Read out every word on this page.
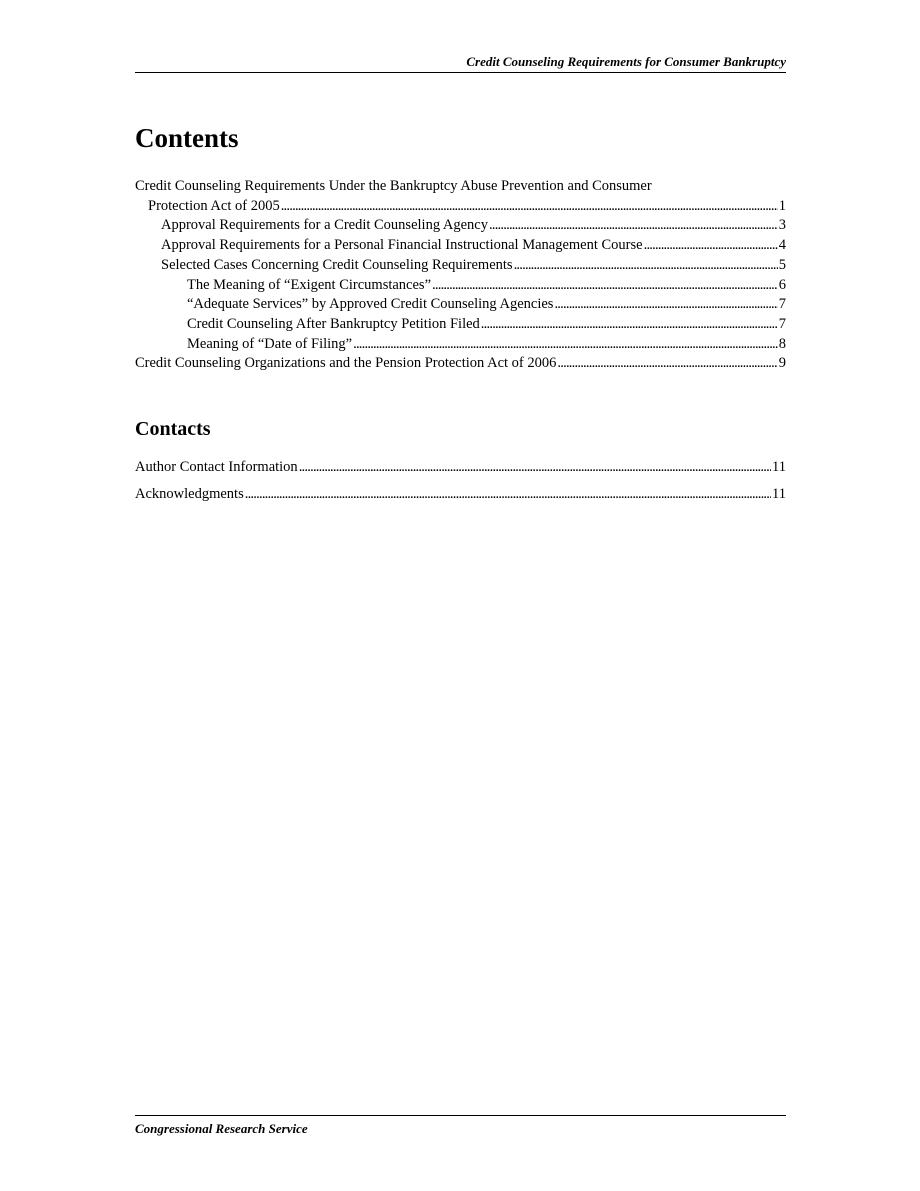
Credit Counseling Requirements for Consumer Bankruptcy
Contents
Credit Counseling Requirements Under the Bankruptcy Abuse Prevention and Consumer
Protection Act of 2005 . . .	1
Approval Requirements for a Credit Counseling Agency . . .	3
Approval Requirements for a Personal Financial Instructional Management Course . . .	4
Selected Cases Concerning Credit Counseling Requirements . . .	5
The Meaning of “Exigent Circumstances” . . .	6
“Adequate Services” by Approved Credit Counseling Agencies . . .	7
Credit Counseling After Bankruptcy Petition Filed . . .	7
Meaning of “Date of Filing” . . .	8
Credit Counseling Organizations and the Pension Protection Act of 2006 . . .	9
Contacts
Author Contact Information . . .	11
Acknowledgments . . .	11
Congressional Research Service
